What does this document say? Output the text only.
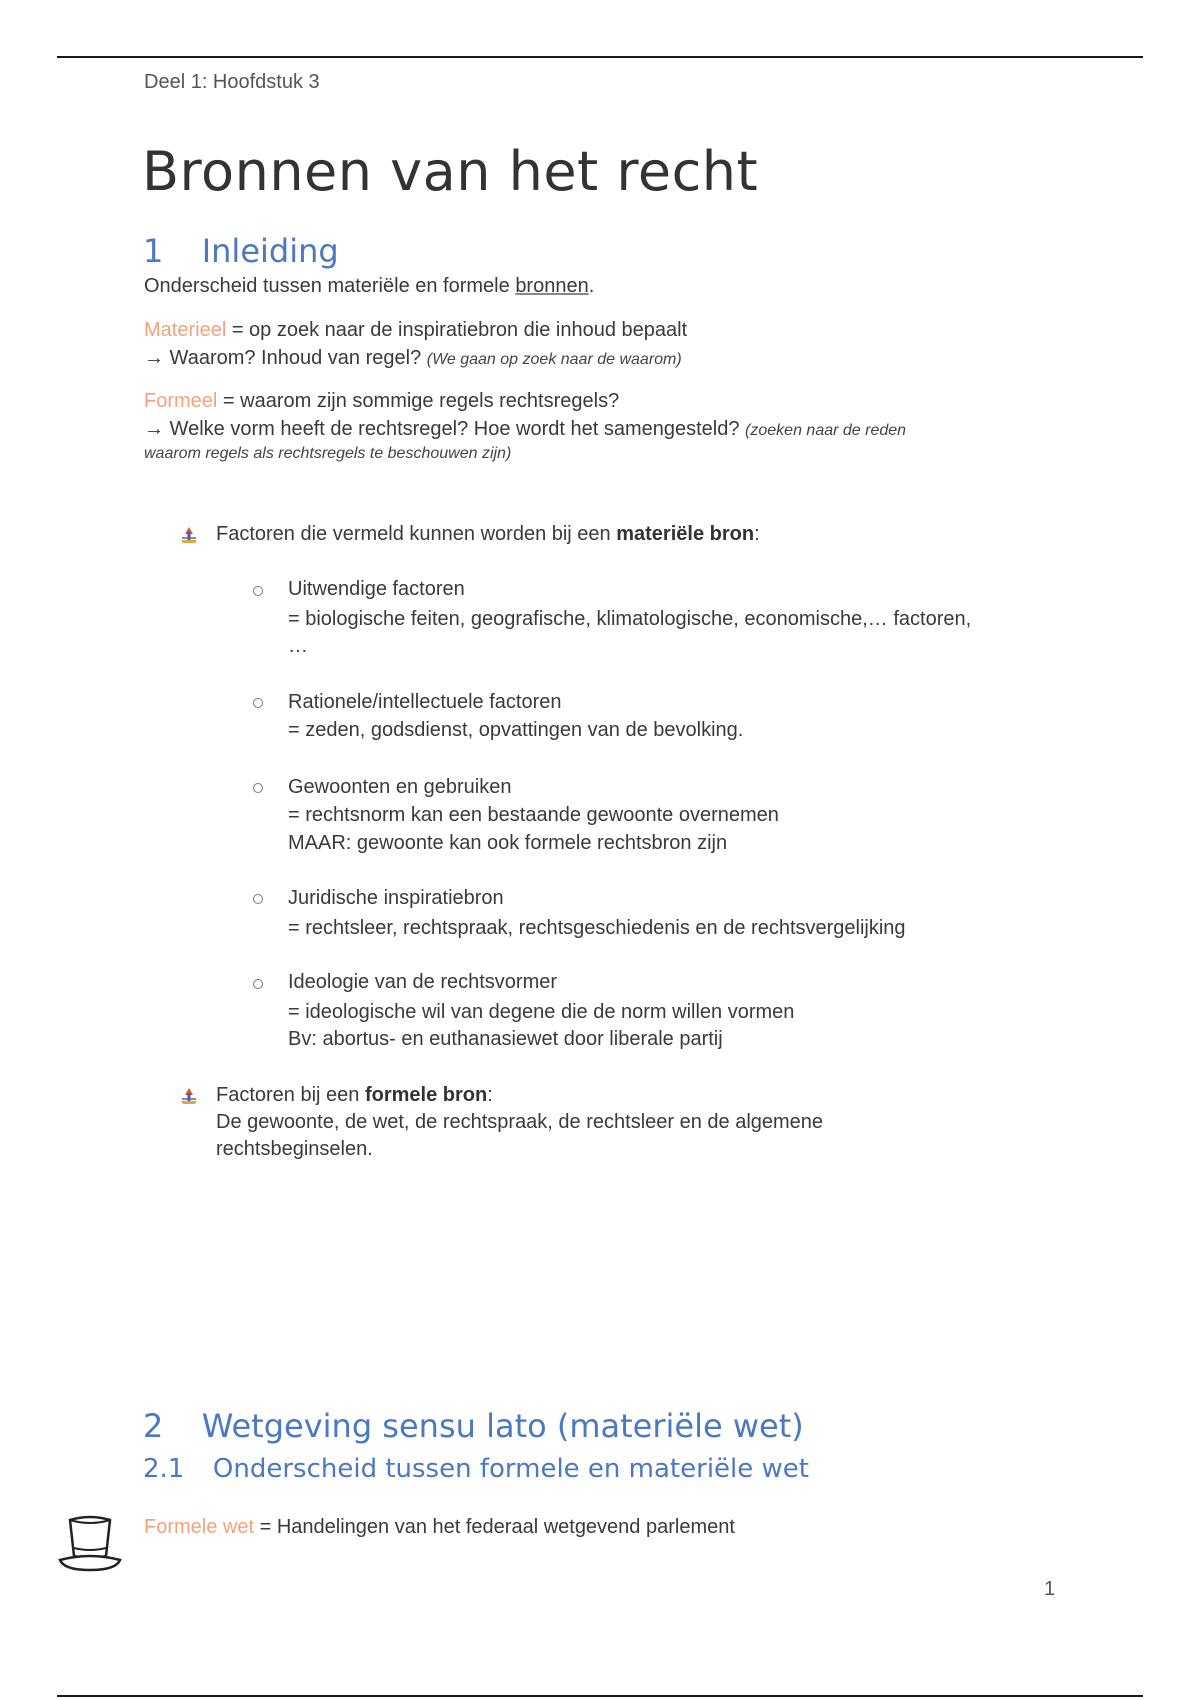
Deel 1: Hoofdstuk 3
Bronnen van het recht
1 Inleiding
Onderscheid tussen materiële en formele bronnen.
Materieel = op zoek naar de inspiratiebron die inhoud bepaalt
→ Waarom? Inhoud van regel? (We gaan op zoek naar de waarom)
Formeel = waarom zijn sommige regels rechtsregels?
→ Welke vorm heeft de rechtsregel? Hoe wordt het samengesteld? (zoeken naar de reden
waarom regels als rechtsregels te beschouwen zijn)
Factoren die vermeld kunnen worden bij een materiële bron:
Uitwendige factoren
= biologische feiten, geografische, klimatologische, economische,… factoren,
…
Rationele/intellectuele factoren
= zeden, godsdienst, opvattingen van de bevolking.
Gewoonten en gebruiken
= rechtsnorm kan een bestaande gewoonte overnemen
MAAR: gewoonte kan ook formele rechtsbron zijn
Juridische inspiratiebron
= rechtsleer, rechtspraak, rechtsgeschiedenis en de rechtsvergelijking
Ideologie van de rechtsvormer
= ideologische wil van degene die de norm willen vormen
Bv: abortus- en euthanasiewet door liberale partij
Factoren bij een formele bron:
De gewoonte, de wet, de rechtspraak, de rechtsleer en de algemene
rechtsbeginselen.
2 Wetgeving sensu lato (materiële wet)
2.1 Onderscheid tussen formele en materiële wet
Formele wet = Handelingen van het federaal wetgevend parlement
1
